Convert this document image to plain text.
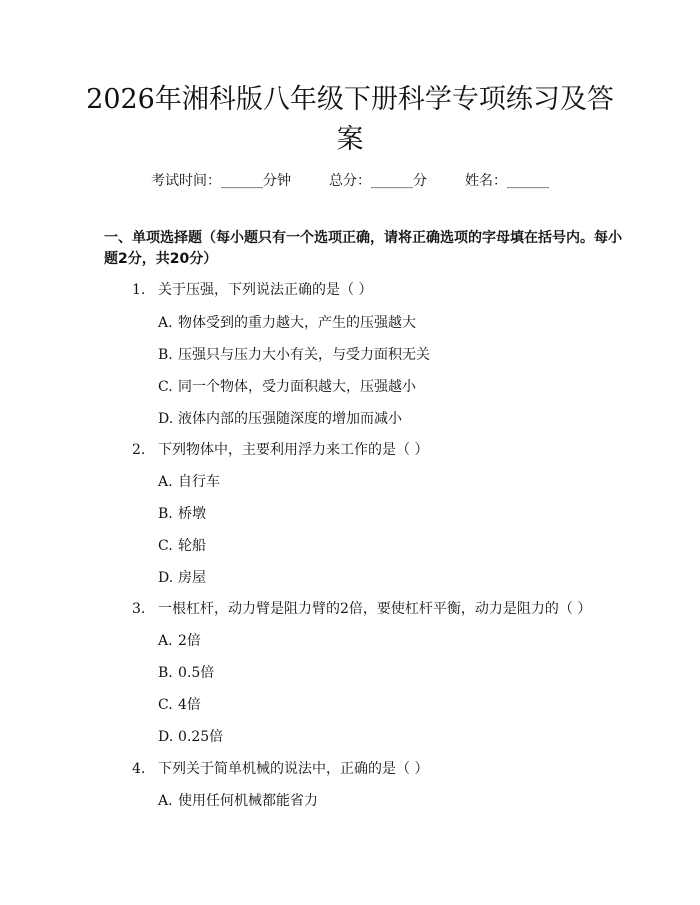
2026年湘科版八年级下册科学专项练习及答案
考试时间：______分钟	总分：______分	姓名：______

一、单项选择题（每小题只有一个选项正确，请将正确选项的字母填在括号内。每小题2分，共20分）

1. 关于压强，下列说法正确的是（ ）
A. 物体受到的重力越大，产生的压强越大
B. 压强只与压力大小有关，与受力面积无关
C. 同一个物体，受力面积越大，压强越小
D. 液体内部的压强随深度的增加而减小
2. 下列物体中，主要利用浮力来工作的是（ ）
A. 自行车
B. 桥墩
C. 轮船
D. 房屋
3. 一根杠杆，动力臂是阻力臂的2倍，要使杠杆平衡，动力是阻力的（ ）
A. 2倍
B. 0.5倍
C. 4倍
D. 0.25倍
4. 下列关于简单机械的说法中，正确的是（ ）
A. 使用任何机械都能省力
